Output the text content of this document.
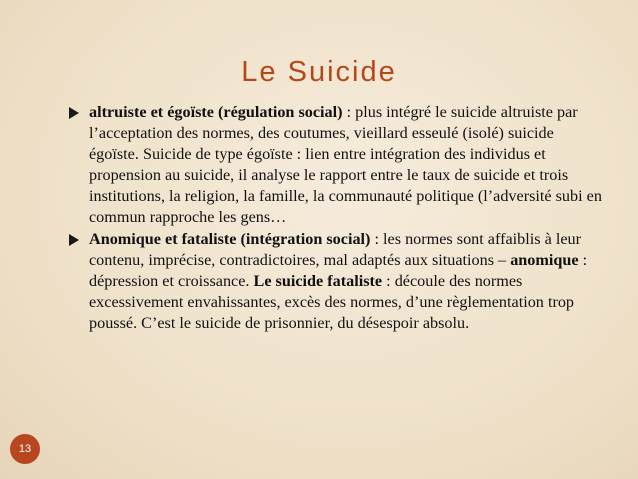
Le Suicide
altruiste et égoïste (régulation social) : plus intégré le suicide altruiste par l’acceptation des normes, des coutumes, vieillard esseulé (isolé) suicide égoïste. Suicide de type égoïste : lien entre intégration des individus et propension au suicide, il analyse le rapport entre le taux de suicide et trois institutions, la religion, la famille, la communauté politique (l’adversité subi en commun rapproche les gens…
Anomique et fataliste (intégration social) : les normes sont affaiblis à leur contenu, imprécise, contradictoires, mal adaptés aux situations – anomique : dépression et croissance. Le suicide fataliste : découle des normes excessivement envahissantes, excès des normes, d’une règlementation trop poussé. C’est le suicide de prisonnier, du désespoir absolu.
13
